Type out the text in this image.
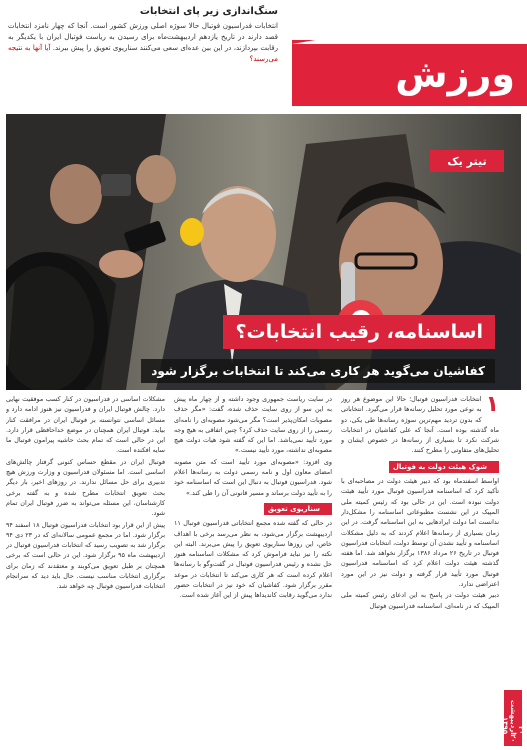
ورزش
سنگ‌اندازی زیر پای انتخابات

انتخابات فدراسیون فوتبال حالا سوژه اصلی ورزش کشور است. آنجا که چهار نامزد انتخابات قصد دارند در تاریخ یازدهم اردیبهشت‌ماه برای رسیدن به ریاست فوتبال ایران با یکدیگر به رقابت بپردازند، در این بین عده‌ای سعی می‌کنند سناریوی تعویق را پیش ببرند. آیا آنها به نتیجه می‌رسند؟

تیتر یک
اساسنامه، رقیب انتخابات؟
کفاشیان می‌گوید هر کاری می‌کند تا انتخابات برگزار شود
۱

انتخابات فدراسیون فوتبال؛ حالا این موضوع هر روز به نوعی مورد تحلیل رسانه‌ها قرار می‌گیرد. انتخاباتی که بدون تردید مهم‌ترین سوژه رسانه‌ها طی یکی، دو ماه گذشته بوده است. آنجا که علی کفاشیان در انتخابات شرکت نکرد تا بسیاری از رسانه‌ها در خصوص ایشان و تحلیل‌های متفاوتی را مطرح کنند.

شوک هیئت دولت به فوتبال

اواسط اسفندماه بود که دبیر هیئت دولت در مصاحبه‌ای با تأکید کرد که اساسنامه فدراسیون فوتبال مورد تأیید هیئت دولت نبوده است. این در حالی بود که رئیس کمیته ملی المپیک در این نشست مطبوعاتی اساسنامه را مشکل‌دار ندانست اما دولت ایرادهایی به این اساسنامه گرفت. در این زمان بسیاری از رسانه‌ها اعلام کردند که به دلیل مشکلات اساسنامه و تأیید نشدن آن توسط دولت، انتخابات فدراسیون فوتبال در تاریخ ۲۶ مرداد ۱۳۸۶ برگزار نخواهد شد. اما هفته گذشته هیئت دولت اعلام کرد که اساسنامه فدراسیون فوتبال مورد تأیید قرار گرفته و دولت نیز در این مورد اعتراضی ندارد.

دبیر هیئت دولت در پاسخ به این ادعای رئیس کمیته ملی المپیک که در نامه‌ای، اساسنامه فدراسیون فوتبال

در سایت ریاست جمهوری وجود داشته و از چهار ماه پیش به این سو از روی سایت حذف شده، گفت: «مگر حذف مصوبات امکان‌پذیر است؟ مگر می‌شود مصوبه‌ای را نامه‌ای رسمی را از روی سایت حذف کرد؟ چنین اتفاقی به هیچ وجه مورد تأیید نمی‌باشد. اما این که گفته شود هیات دولت هیچ مصوبه‌ای نداشته، مورد تأیید نیست.»

وی افزود: «مصوبه‌ای مورد تأیید است که متن مصوبه امضای معاون اول و نامه رسمی دولت به رسانه‌ها اعلام شود. فدراسیون فوتبال به دنبال این است که اساسنامه خود را به تأیید دولت برساند و مسیر قانونی آن را طی کند.»

سناریوی تعویق

در حالی که گفته شده مجمع انتخاباتی فدراسیون فوتبال ۱۱ اردیبهشت برگزار می‌شود، به نظر می‌رسد برخی با اهداف خاص، این روزها سناریوی تعویق را پیش می‌برند. البته این نکته را نیز نباید فراموش کرد که مشکلات اساسنامه هنوز حل نشده و رئیس فدراسیون فوتبال در گفت‌وگو با رسانه‌ها اعلام کرده است که هر کاری می‌کند تا انتخابات در موعد مقرر برگزار شود. کفاشیان که خود نیز در انتخابات حضور ندارد می‌گوید رقابت کاندیداها پیش از این آغاز شده است.

مشکلات اساسی در فدراسیون در کنار کسب موفقیت نهایی دارد. چالش فوتبال ایران و فدراسیون نیز هنوز ادامه دارد و مسائل اساسی نتوانسته بر فوتبال ایران در مرافقت کنار بیاید. فوتبال ایران همچنان در موضع خداحافظی قرار دارد. این در حالی است که تمام بحث حاشیه پیرامون فوتبال ما سایه افکنده است.

فوتبال ایران در مقطع حساس کنونی گرفتار چالش‌های اساسی است. اما مسئولان فدراسیون و وزارت ورزش هیچ تدبیری برای حل مسائل ندارند. در روزهای اخیر، بار دیگر بحث تعویق انتخابات مطرح شده و به گفته برخی کارشناسان، این مسئله می‌تواند به ضرر فوتبال ایران تمام شود.

پیش از این قرار بود انتخابات فدراسیون فوتبال ۱۸ اسفند ۹۴ برگزار شود. اما در مجمع عمومی سالانه‌ای که در ۲۳ دی ۹۴ برگزار شد به تصویب رسید که انتخابات فدراسیون فوتبال در اردیبهشت ماه ۹۵ برگزار شود. این در حالی است که برخی همچنان بر طبل تعویق می‌کوبند و معتقدند که زمان برای برگزاری انتخابات مناسب نیست. حال باید دید که سرانجام انتخابات فدراسیون فوتبال چه خواهد شد.

۲۰ اردیبهشت ۱۳۹۵
۲۰
